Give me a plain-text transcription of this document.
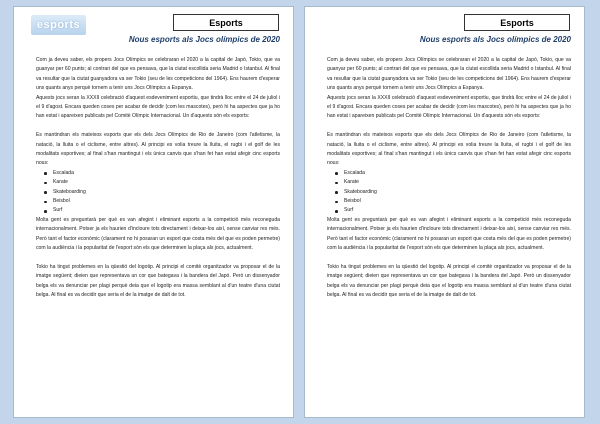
esports	Esports
Nous esports als Jocs olímpics de 2020

Com ja deveu saber, els propers Jocs Olímpics se celebraran el 2020 a la capital de Japó, Tokio, que va guanyar per 60 punts; al contrari del que es pensava, que la ciutat escollida seria Madrid o Istanbul. Al final va resultar que la ciutat guanyadora va ser Tokio (seu de les competicions del 1964). Ens haurem d'esperar uns quants anys perquè tornem a tenir uns Jocs Olímpics a Espanya.

Aquests jocs seran la XXXII celebració d'aquest esdeveniment esportiu, que tindrà lloc entre el 24 de juliol i el 9 d'agost. Encara queden coses per acabar de decidir (com les mascotes), però hi ha aspectes que ja ho han estat i apareixen publicats pel Comitè Olímpic Internacional. Un d'aquests són els esports:

Es mantindran els mateixos esports que els dels Jocs Olímpics de Rio de Janeiro (com l'atletisme, la natació, la lluita o el ciclisme, entre altres). Al principi es volia treure la lluita, el rugbi i el golf de les modalitats esportives; al final s'han mantingut i els únics canvis que s'han fet han estat afegir cinc esports nous:

Escalada
Karate
Skateboarding
Beisbol
Surf

Molta gent es preguntarà per què es van afegint i eliminant esports a la competició més reconeguda internacionalment. Potser ja els haurien d'incloure tots directament i deixar-los així, sense canviar res més. Però tant el factor econòmic (clarament no hi posaran un esport que costa més del que es poden permetre) com la audiència i la popularitat de l'esport són els que determinen la plaça als jocs, actualment.

Tokio ha tingut problemes en la qüestió del logotip. Al principi el comitè organitzador va proposar el de la imatge següent; dieien que representava un cor que bategava i la bandera del Japó. Però un dissenyador belga els va denunciar per plagi perquè deia que el logotip era massa semblant al d'un teatre d'una ciutat belga. Al final es va decidir que seria el de la imatge de dalt de tot.

Esports
Nous esports als Jocs olímpics de 2020

Com ja deveu saber, els propers Jocs Olímpics se celebraran el 2020 a la capital de Japó, Tokio, que va guanyar per 60 punts; al contrari del que es pensava, que la ciutat escollida seria Madrid o Istanbul. Al final va resultar que la ciutat guanyadora va ser Tokio (seu de les competicions del 1964). Ens haurem d'esperar uns quants anys perquè tornem a tenir uns Jocs Olímpics a Espanya.

Aquests jocs seran la XXXII celebració d'aquest esdeveniment esportiu, que tindrà lloc entre el 24 de juliol i el 9 d'agost. Encara queden coses per acabar de decidir (com les mascotes), però hi ha aspectes que ja ho han estat i apareixen publicats pel Comitè Olímpic Internacional. Un d'aquests són els esports:

Es mantindran els mateixos esports que els dels Jocs Olímpics de Rio de Janeiro (com l'atletisme, la natació, la lluita o el ciclisme, entre altres). Al principi es volia treure la lluita, el rugbi i el golf de les modalitats esportives; al final s'han mantingut i els únics canvis que s'han fet han estat afegir cinc esports nous:

Escalada
Karate
Skateboarding
Beisbol
Surf

Molta gent es preguntarà per què es van afegint i eliminant esports a la competició més reconeguda internacionalment. Potser ja els haurien d'incloure tots directament i deixar-los així, sense canviar res més. Però tant el factor econòmic (clarament no hi posaran un esport que costa més del que es poden permetre) com la audiència i la popularitat de l'esport són els que determinen la plaça als jocs, actualment.

Tokio ha tingut problemes en la qüestió del logotip. Al principi el comitè organitzador va proposar el de la imatge següent; dieien que representava un cor que bategava i la bandera del Japó. Però un dissenyador belga els va denunciar per plagi perquè deia que el logotip era massa semblant al d'un teatre d'una ciutat belga. Al final es va decidir que seria el de la imatge de dalt de tot.
